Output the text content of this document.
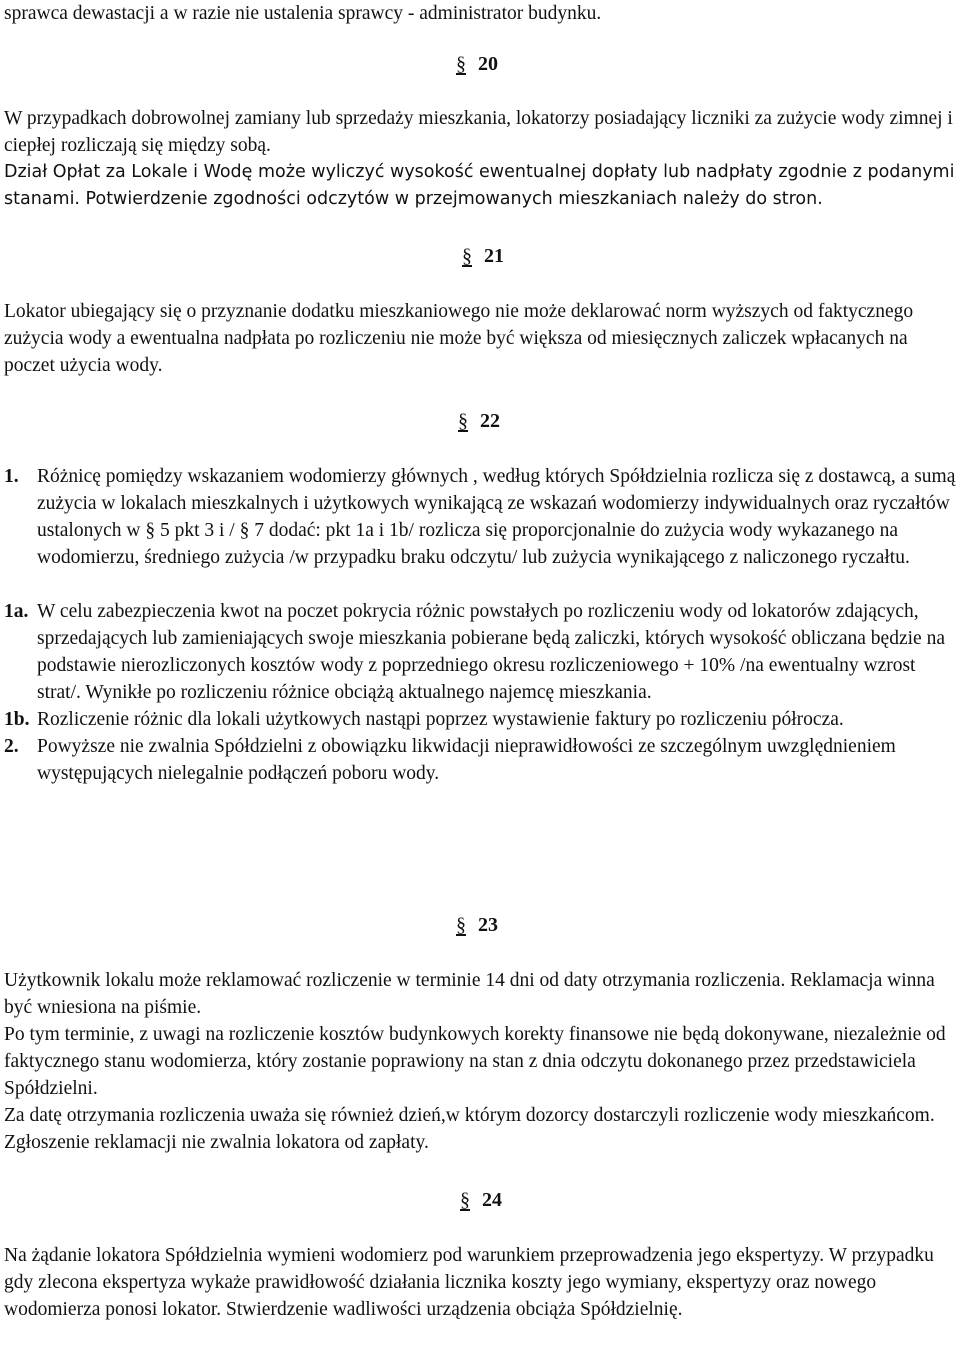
sprawca dewastacji a w razie nie ustalenia sprawcy - administrator budynku.

§ 20

W przypadkach dobrowolnej zamiany lub sprzedaży mieszkania, lokatorzy posiadający liczniki za zużycie wody zimnej i ciepłej rozliczają się między sobą.

Dział Opłat za Lokale i Wodę może wyliczyć wysokość ewentualnej dopłaty lub nadpłaty zgodnie z podanymi stanami. Potwierdzenie zgodności odczytów w przejmowanych mieszkaniach należy do stron.

§ 21

Lokator ubiegający się o przyznanie dodatku mieszkaniowego nie może deklarować norm wyższych od faktycznego zużycia wody a ewentualna nadpłata po rozliczeniu nie może być większa od miesięcznych zaliczek wpłacanych na poczet użycia wody.

§ 22
1. Różnicę pomiędzy wskazaniem wodomierzy głównych , według których Spółdzielnia rozlicza się z dostawcą, a sumą zużycia w lokalach mieszkalnych i użytkowych wynikającą ze wskazań wodomierzy indywidualnych oraz ryczałtów ustalonych w § 5 pkt 3 i / § 7 dodać: pkt 1a i 1b/ rozlicza się proporcjonalnie do zużycia wody wykazanego na wodomierzu, średniego zużycia /w przypadku braku odczytu/ lub zużycia wynikającego z naliczonego ryczałtu.
1a. W celu zabezpieczenia kwot na poczet pokrycia różnic powstałych po rozliczeniu wody od lokatorów zdających, sprzedających lub zamieniających swoje mieszkania pobierane będą zaliczki, których wysokość obliczana będzie na podstawie nierozliczonych kosztów wody z poprzedniego okresu rozliczeniowego + 10% /na ewentualny wzrost strat/. Wynikłe po rozliczeniu różnice obciążą aktualnego najemcę mieszkania.
1b. Rozliczenie różnic dla lokali użytkowych nastąpi poprzez wystawienie faktury po rozliczeniu półrocza.
2. Powyższe nie zwalnia Spółdzielni z obowiązku likwidacji nieprawidłowości ze szczególnym uwzględnieniem występujących nielegalnie podłączeń poboru wody.
§ 23

Użytkownik lokalu może reklamować rozliczenie w terminie 14 dni od daty otrzymania rozliczenia. Reklamacja winna być wniesiona na piśmie.

Po tym terminie, z uwagi na rozliczenie kosztów budynkowych korekty finansowe nie będą dokonywane, niezależnie od faktycznego stanu wodomierza, który zostanie poprawiony na stan z dnia odczytu dokonanego przez przedstawiciela Spółdzielni.

Za datę otrzymania rozliczenia uważa się również dzień,w którym dozorcy dostarczyli rozliczenie wody mieszkańcom. Zgłoszenie reklamacji nie zwalnia lokatora od zapłaty.

§ 24

Na żądanie lokatora Spółdzielnia wymieni wodomierz pod warunkiem przeprowadzenia jego ekspertyzy. W przypadku gdy zlecona ekspertyza wykaże prawidłowość działania licznika koszty jego wymiany, ekspertyzy oraz nowego wodomierza ponosi lokator. Stwierdzenie wadliwości urządzenia obciąża Spółdzielnię.
